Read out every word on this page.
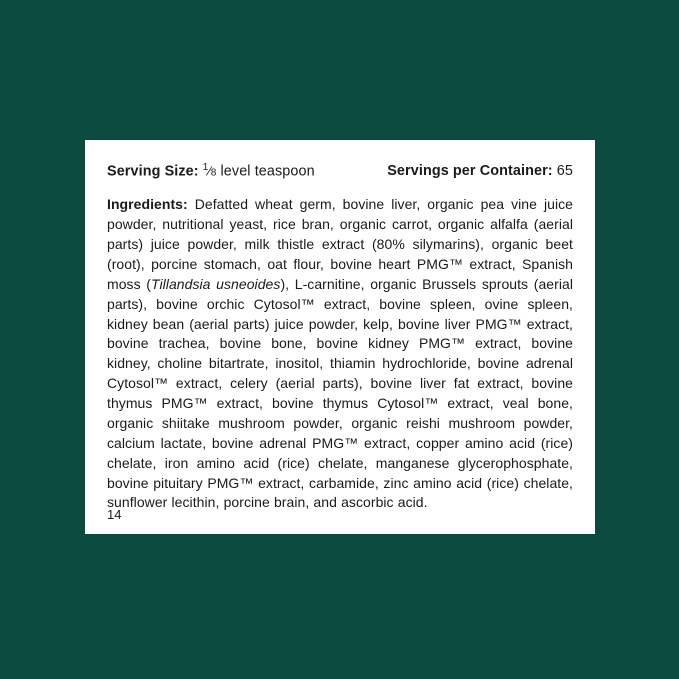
Serving Size: $^1$⁄8 level teaspoon	Servings per Container: 65
Ingredients: Defatted wheat germ, bovine liver, organic pea vine juice powder, nutritional yeast, rice bran, organic carrot, organic alfalfa (aerial parts) juice powder, milk thistle extract (80% silymarins), organic beet (root), porcine stomach, oat flour, bovine heart PMG™ extract, Spanish moss (Tillandsia usneoides), L-carnitine, organic Brussels sprouts (aerial parts), bovine orchic Cytosol™ extract, bovine spleen, ovine spleen, kidney bean (aerial parts) juice powder, kelp, bovine liver PMG™ extract, bovine trachea, bovine bone, bovine kidney PMG™ extract, bovine kidney, choline bitartrate, inositol, thiamin hydrochloride, bovine adrenal Cytosol™ extract, celery (aerial parts), bovine liver fat extract, bovine thymus PMG™ extract, bovine thymus Cytosol™ extract, veal bone, organic shiitake mushroom powder, organic reishi mushroom powder, calcium lactate, bovine adrenal PMG™ extract, copper amino acid (rice) chelate, iron amino acid (rice) chelate, manganese glycerophosphate, bovine pituitary PMG™ extract, carbamide, zinc amino acid (rice) chelate, sunflower lecithin, porcine brain, and ascorbic acid.
14
